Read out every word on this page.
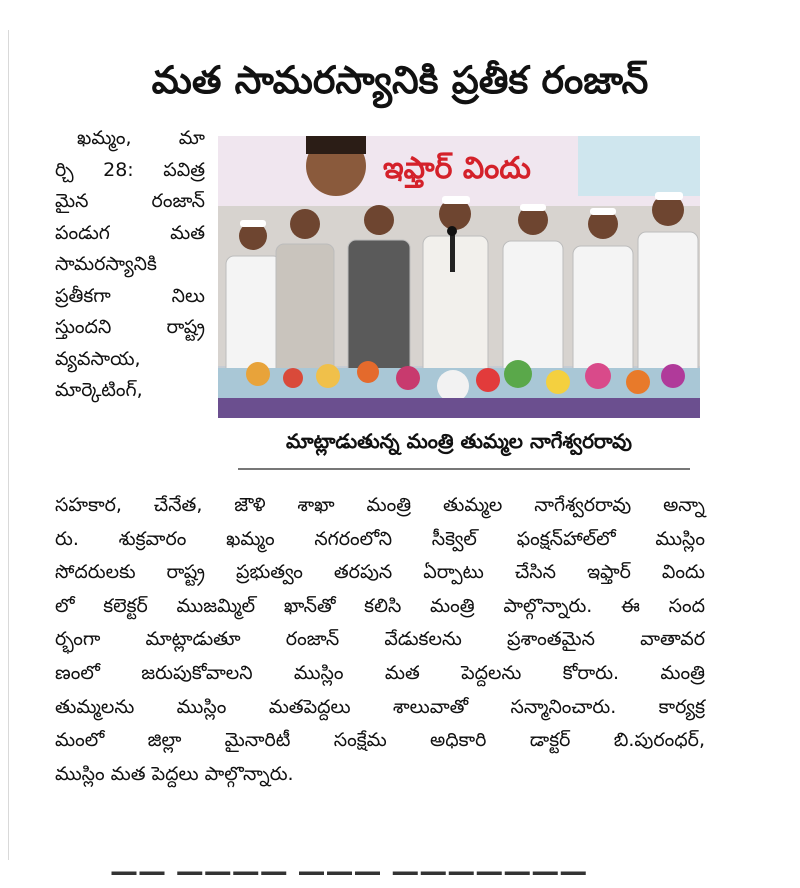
మత సామరస్యానికి ప్రతీక రంజాన్
ఖమ్మం, మా
ర్చి 28: పవిత్ర
మైన రంజాన్
పండుగ మత
సామరస్యానికి
ప్రతీకగా నిలు
స్తుందని రాష్ట్ర
వ్యవసాయ,
మార్కెటింగ్,
ఇఫ్తార్ విందు
మాట్లాడుతున్న మంత్రి తుమ్మల నాగేశ్వరరావు
సహకార, చేనేత, జౌళి శాఖా మంత్రి తుమ్మల నాగేశ్వరరావు అన్నా
రు. శుక్రవారం ఖమ్మం నగరంలోని సీక్వెల్ ఫంక్షన్‌హాల్‌లో ముస్లిం
సోదరులకు రాష్ట్ర ప్రభుత్వం తరపున ఏర్పాటు చేసిన ఇఫ్తార్ విందు
లో కలెక్టర్ ముజమ్మిల్ ఖాన్‌తో కలిసి మంత్రి పాల్గొన్నారు. ఈ సంద
ర్భంగా మాట్లాడుతూ రంజాన్ వేడుకలను ప్రశాంతమైన వాతావర
ణంలో జరుపుకోవాలని ముస్లిం మత పెద్దలను కోరారు. మంత్రి
తుమ్మలను ముస్లిం మతపెద్దలు శాలువాతో సన్మానించారు. కార్యక్ర
మంలో జిల్లా మైనారిటీ సంక్షేమ అధికారి డాక్టర్ బి.పురంధర్,
ముస్లిం మత పెద్దలు పాల్గొన్నారు.
—— ———— ——— ———————
